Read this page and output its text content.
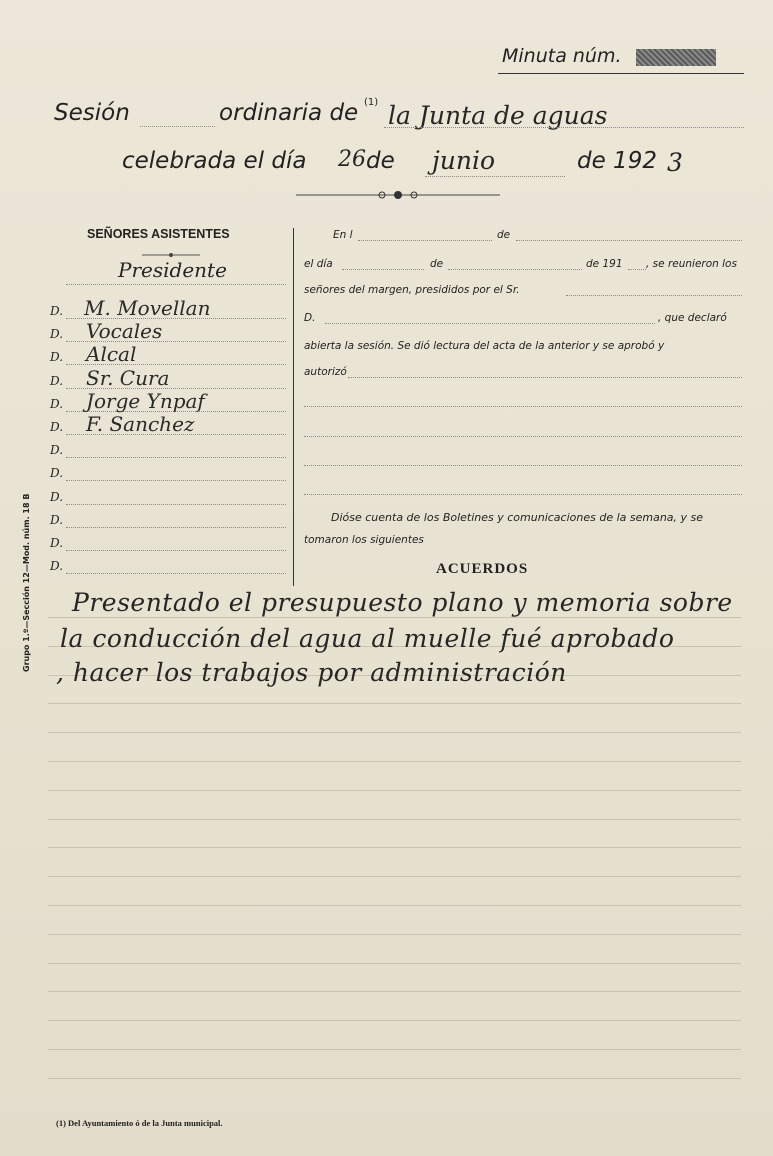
Minuta núm.
Sesión	ordinaria de (1) la Junta de aguas
celebrada el día 26 de junio	de 192 3
SEÑORES ASISTENTES
Presidente
D. M. Movellan
D. Vocales
D. Alcal
D. Sr. Cura
D. Jorge Ynpaf
D. F. Sanchez
D.
D.
D.
D.
D.
D.
En l	de
el día	de	de 191 , se reunieron los
señores del margen, presididos por el Sr.
D.	, que declaró
abierta la sesión. Se dió lectura del acta de la anterior y se aprobó y
autorizó
Dióse cuenta de los Boletines y comunicaciones de la semana, y se
tomaron los siguientes
ACUERDOS
Grupo 1.º—Sección 12—Mod. núm. 18 B Presentado el presupuesto plano y memoria sobre
la conducción del agua al muelle fué aprobado
, hacer los trabajos por administración
(1) Del Ayuntamiento ó de la Junta municipal.
